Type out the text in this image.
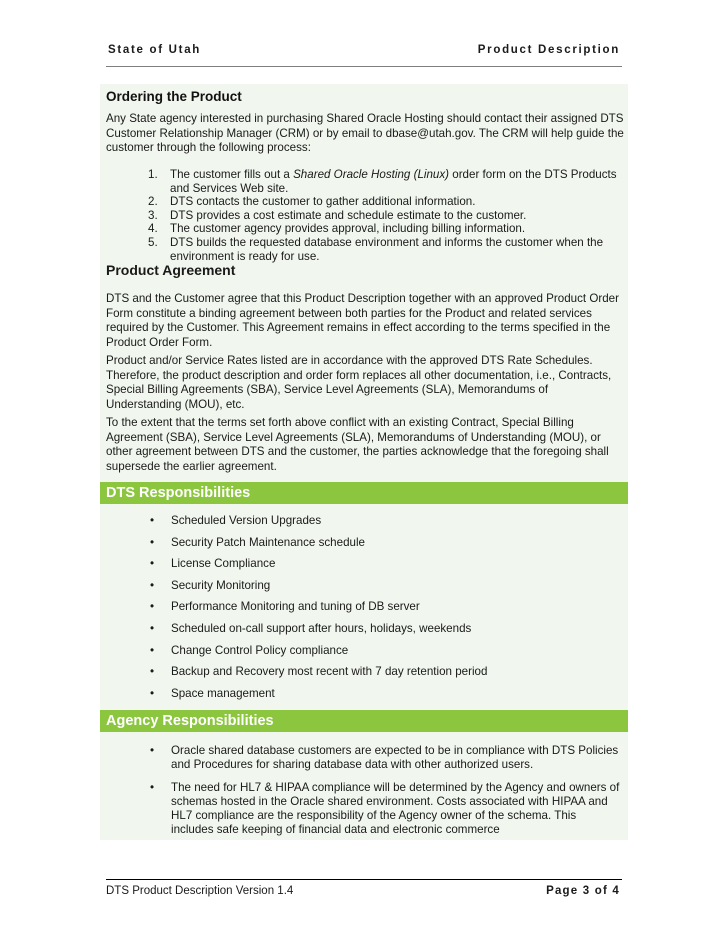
State of Utah	Product Description
Ordering the Product

Any State agency interested in purchasing Shared Oracle Hosting should contact their assigned DTS Customer Relationship Manager (CRM) or by email to dbase@utah.gov. The CRM will help guide the customer through the following process:

1. The customer fills out a Shared Oracle Hosting (Linux) order form on the DTS Products and Services Web site.
2. DTS contacts the customer to gather additional information.
3. DTS provides a cost estimate and schedule estimate to the customer.
4. The customer agency provides approval, including billing information.
5. DTS builds the requested database environment and informs the customer when the environment is ready for use.
Product Agreement

DTS and the Customer agree that this Product Description together with an approved Product Order Form constitute a binding agreement between both parties for the Product and related services required by the Customer. This Agreement remains in effect according to the terms specified in the Product Order Form.

Product and/or Service Rates listed are in accordance with the approved DTS Rate Schedules. Therefore, the product description and order form replaces all other documentation, i.e., Contracts, Special Billing Agreements (SBA), Service Level Agreements (SLA), Memorandums of Understanding (MOU), etc.

To the extent that the terms set forth above conflict with an existing Contract, Special Billing Agreement (SBA), Service Level Agreements (SLA), Memorandums of Understanding (MOU), or other agreement between DTS and the customer, the parties acknowledge that the foregoing shall supersede the earlier agreement.

DTS Responsibilities
• Scheduled Version Upgrades
• Security Patch Maintenance schedule
• License Compliance
• Security Monitoring
• Performance Monitoring and tuning of DB server
• Scheduled on-call support after hours, holidays, weekends
• Change Control Policy compliance
• Backup and Recovery most recent with 7 day retention period
• Space management
Agency Responsibilities
• Oracle shared database customers are expected to be in compliance with DTS Policies and Procedures for sharing database data with other authorized users.
• The need for HL7 & HIPAA compliance will be determined by the Agency and owners of schemas hosted in the Oracle shared environment. Costs associated with HIPAA and HL7 compliance are the responsibility of the Agency owner of the schema. This includes safe keeping of financial data and electronic commerce
DTS Product Description Version 1.4	Page 3 of 4
